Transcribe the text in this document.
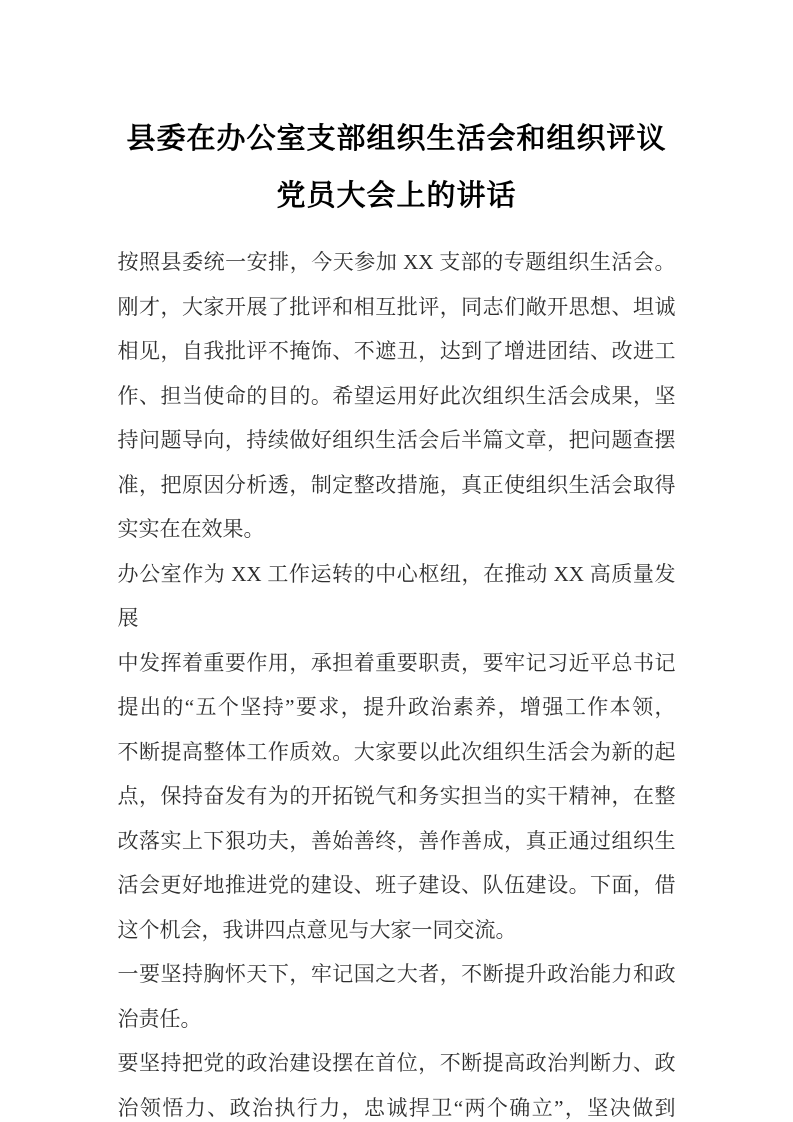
县委在办公室支部组织生活会和组织评议
党员大会上的讲话

按照县委统一安排，今天参加 XX 支部的专题组织生活会。

刚才，大家开展了批评和相互批评，同志们敞开思想、坦诚

相见，自我批评不掩饰、不遮丑，达到了增进团结、改进工

作、担当使命的目的。希望运用好此次组织生活会成果，坚

持问题导向，持续做好组织生活会后半篇文章，把问题查摆

准，把原因分析透，制定整改措施，真正使组织生活会取得

实实在在效果。

办公室作为 XX 工作运转的中心枢纽，在推动 XX 高质量发展

中发挥着重要作用，承担着重要职责，要牢记习近平总书记

提出的“五个坚持”要求，提升政治素养，增强工作本领，

不断提高整体工作质效。大家要以此次组织生活会为新的起

点，保持奋发有为的开拓锐气和务实担当的实干精神，在整

改落实上下狠功夫，善始善终，善作善成，真正通过组织生

活会更好地推进党的建设、班子建设、队伍建设。下面，借

这个机会，我讲四点意见与大家一同交流。

一要坚持胸怀天下，牢记国之大者，不断提升政治能力和政

治责任。

要坚持把党的政治建设摆在首位，不断提高政治判断力、政

治领悟力、政治执行力，忠诚捍卫“两个确立”，坚决做到
